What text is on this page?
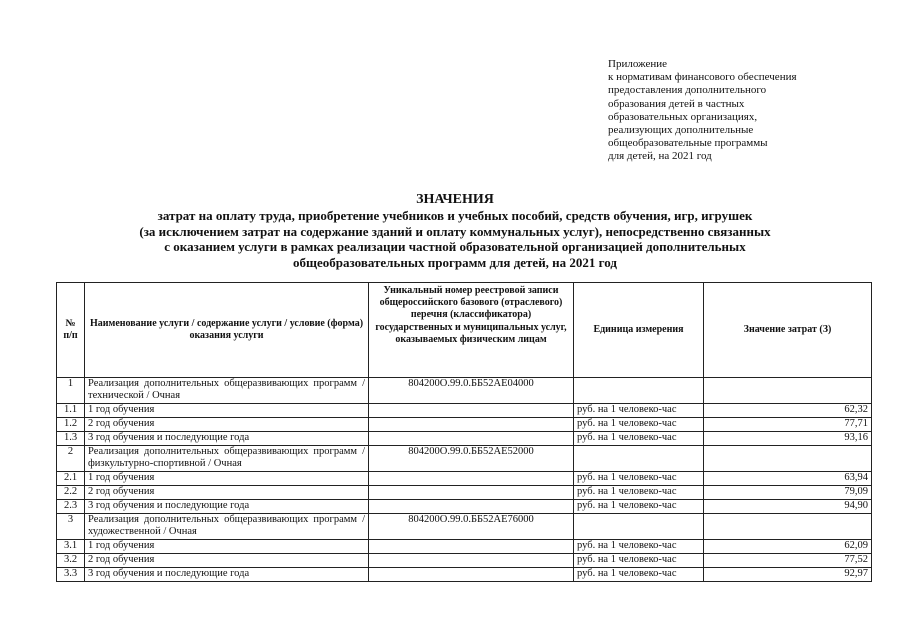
Приложение
к нормативам финансового обеспечения
предоставления дополнительного
образования детей в частных
образовательных организациях,
реализующих дополнительные
общеобразовательные программы
для детей, на 2021 год
ЗНАЧЕНИЯ
затрат на оплату труда, приобретение учебников и учебных пособий, средств обучения, игр, игрушек
(за исключением затрат на содержание зданий и оплату коммунальных услуг), непосредственно связанных
с оказанием услуги в рамках реализации частной образовательной организацией дополнительных
общеобразовательных программ для детей, на 2021 год
№ п/п	Наименование услуги / содержание услуги / условие (форма) оказания услуги	Уникальный номер реестровой записи общероссийского базового (отраслевого) перечня (классификатора) государственных и муниципальных услуг, оказываемых физическим лицам	Единица измерения	Значение затрат (З)
1	Реализация дополнительных общеразвивающих программ / технической / Очная	804200О.99.0.ББ52АЕ04000		
1.1	1 год обучения		руб. на 1 человеко-час	62,32
1.2	2 год обучения		руб. на 1 человеко-час	77,71
1.3	3 год обучения и последующие года		руб. на 1 человеко-час	93,16
2	Реализация дополнительных общеразвивающих программ / физкультурно-спортивной / Очная	804200О.99.0.ББ52АЕ52000		
2.1	1 год обучения		руб. на 1 человеко-час	63,94
2.2	2 год обучения		руб. на 1 человеко-час	79,09
2.3	3 год обучения и последующие года		руб. на 1 человеко-час	94,90
3	Реализация дополнительных общеразвивающих программ / художественной / Очная	804200О.99.0.ББ52АЕ76000		
3.1	1 год обучения		руб. на 1 человеко-час	62,09
3.2	2 год обучения		руб. на 1 человеко-час	77,52
3.3	3 год обучения и последующие года		руб. на 1 человеко-час	92,97
